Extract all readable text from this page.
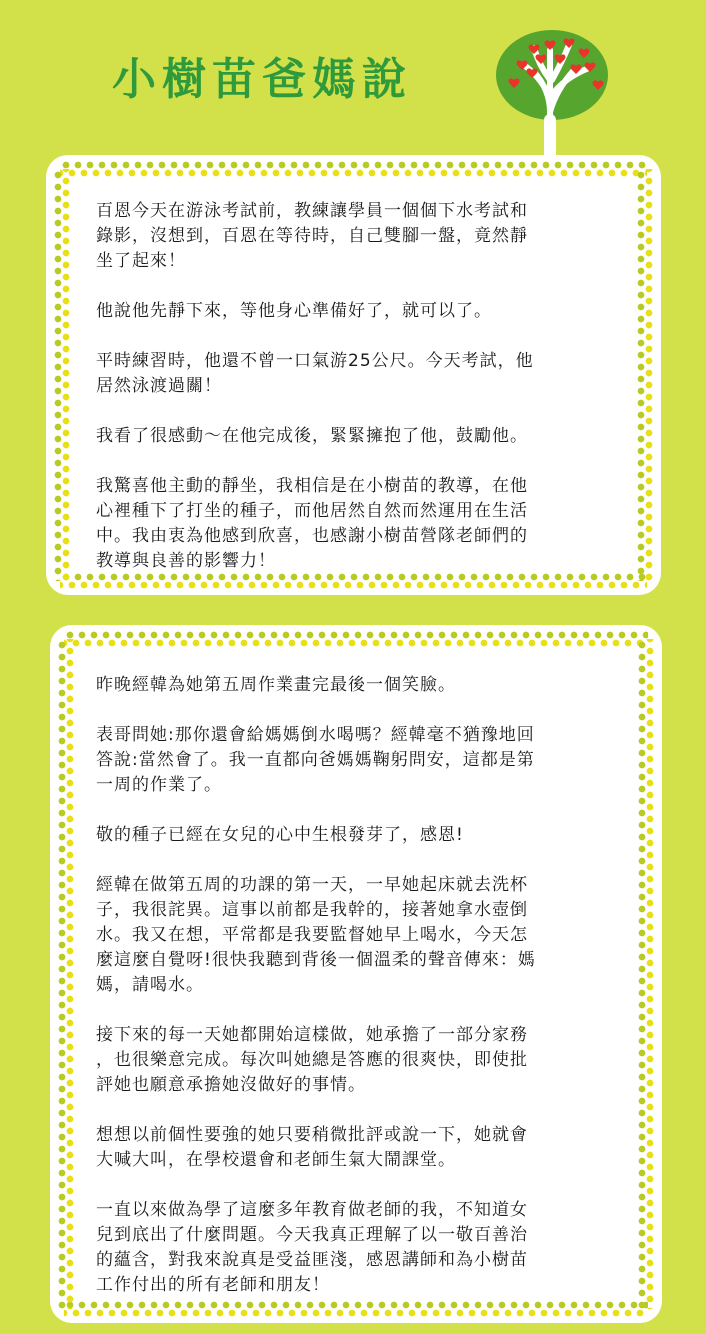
小樹苗爸媽說

百恩今天在游泳考試前，教練讓學員一個個下水考試和
錄影，沒想到，百恩在等待時，自己雙腳一盤，竟然靜
坐了起來！

他說他先靜下來，等他身心準備好了，就可以了。

平時練習時，他還不曾一口氣游25公尺。今天考試，他
居然泳渡過關！

我看了很感動～在他完成後，緊緊擁抱了他，鼓勵他。

我驚喜他主動的靜坐，我相信是在小樹苗的教導，在他
心裡種下了打坐的種子，而他居然自然而然運用在生活
中。我由衷為他感到欣喜，也感謝小樹苗營隊老師們的
教導與良善的影響力！

昨晚經韓為她第五周作業畫完最後一個笑臉。

表哥問她:那你還會給媽媽倒水喝嗎？經韓毫不猶豫地回
答說:當然會了。我一直都向爸媽媽鞠躬問安，這都是第
一周的作業了。

敬的種子已經在女兒的心中生根發芽了，感恩!

經韓在做第五周的功課的第一天，一早她起床就去洗杯
子，我很詫異。這事以前都是我幹的，接著她拿水壺倒
水。我又在想，平常都是我要監督她早上喝水，今天怎
麼這麼自覺呀!很快我聽到背後一個溫柔的聲音傳來：媽
媽，請喝水。

接下來的每一天她都開始這樣做，她承擔了一部分家務
，也很樂意完成。每次叫她總是答應的很爽快，即使批
評她也願意承擔她沒做好的事情。

想想以前個性要強的她只要稍微批評或說一下，她就會
大喊大叫，在學校還會和老師生氣大鬧課堂。

一直以來做為學了這麼多年教育做老師的我，不知道女
兒到底出了什麼問題。今天我真正理解了以一敬百善治
的蘊含，對我來說真是受益匪淺，感恩講師和為小樹苗
工作付出的所有老師和朋友！
